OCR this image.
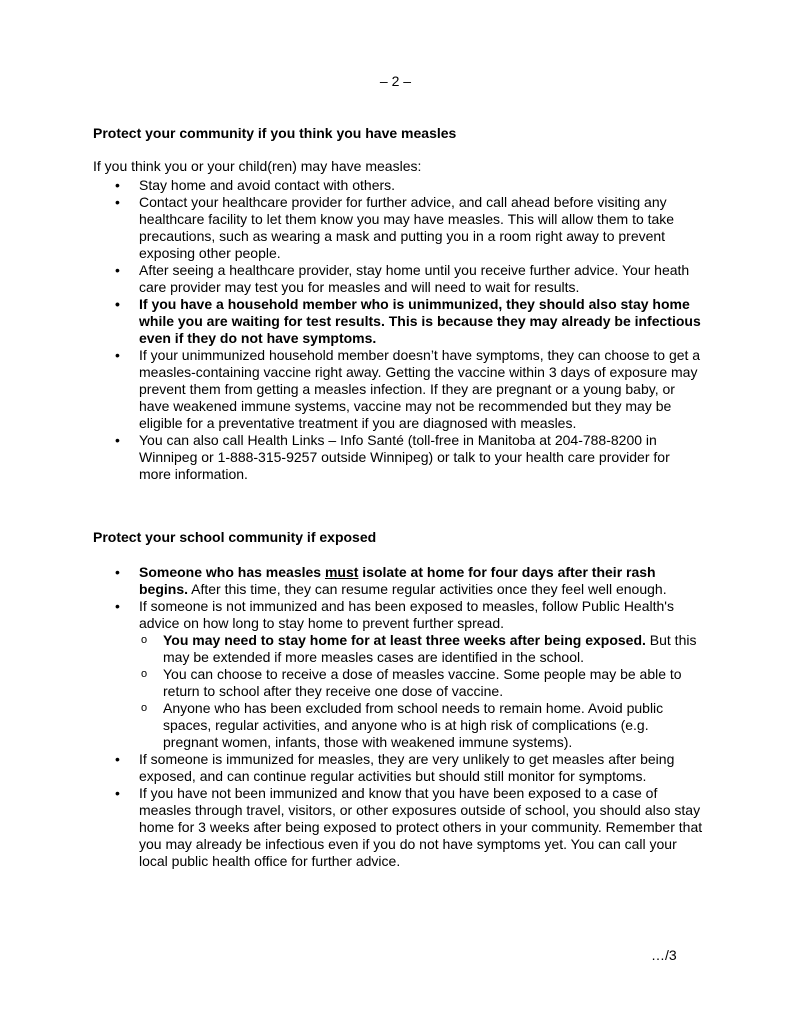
– 2 –
Protect your community if you think you have measles
If you think you or your child(ren) may have measles:
• Stay home and avoid contact with others.
• Contact your healthcare provider for further advice, and call ahead before visiting any healthcare facility to let them know you may have measles. This will allow them to take precautions, such as wearing a mask and putting you in a room right away to prevent exposing other people.
• After seeing a healthcare provider, stay home until you receive further advice. Your heath care provider may test you for measles and will need to wait for results.
• If you have a household member who is unimmunized, they should also stay home while you are waiting for test results. This is because they may already be infectious even if they do not have symptoms.
• If your unimmunized household member doesn’t have symptoms, they can choose to get a measles-containing vaccine right away. Getting the vaccine within 3 days of exposure may prevent them from getting a measles infection. If they are pregnant or a young baby, or have weakened immune systems, vaccine may not be recommended but they may be eligible for a preventative treatment if you are diagnosed with measles.
• You can also call Health Links – Info Santé (toll-free in Manitoba at 204-788-8200 in Winnipeg or 1-888-315-9257 outside Winnipeg) or talk to your health care provider for more information.
Protect your school community if exposed
• Someone who has measles must isolate at home for four days after their rash begins. After this time, they can resume regular activities once they feel well enough.
• If someone is not immunized and has been exposed to measles, follow Public Health's advice on how long to stay home to prevent further spread.
o You may need to stay home for at least three weeks after being exposed. But this may be extended if more measles cases are identified in the school.
o You can choose to receive a dose of measles vaccine. Some people may be able to return to school after they receive one dose of vaccine.
o Anyone who has been excluded from school needs to remain home. Avoid public spaces, regular activities, and anyone who is at high risk of complications (e.g. pregnant women, infants, those with weakened immune systems).
• If someone is immunized for measles, they are very unlikely to get measles after being exposed, and can continue regular activities but should still monitor for symptoms.
• If you have not been immunized and know that you have been exposed to a case of measles through travel, visitors, or other exposures outside of school, you should also stay home for 3 weeks after being exposed to protect others in your community. Remember that you may already be infectious even if you do not have symptoms yet. You can call your local public health office for further advice.
…/3
